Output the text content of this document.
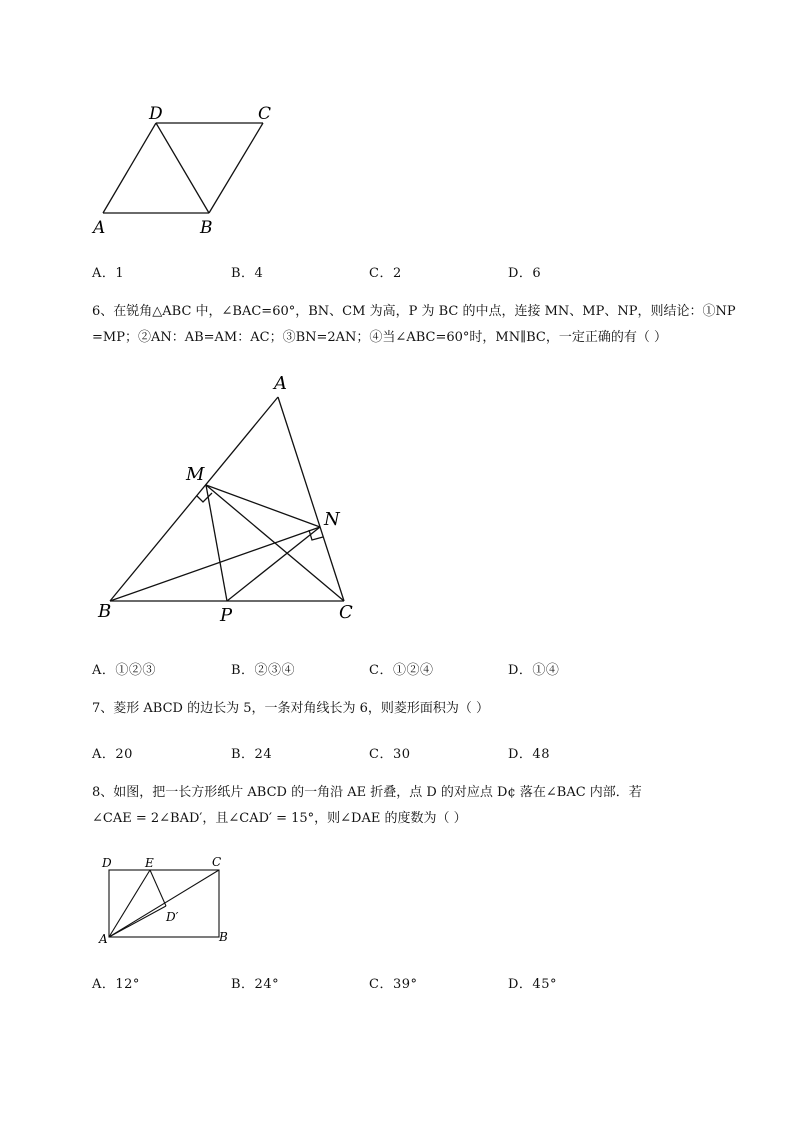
D	C
A	B
A．1	B．4	C．2	D．6
6、在锐角△ABC 中，∠BAC=60°，BN、CM 为高，P 为 BC 的中点，连接 MN、MP、NP，则结论：①NP
=MP；②AN：AB=AM：AC；③BN=2AN；④当∠ABC=60°时，MN∥BC，一定正确的有（ ）
A
M
N
B	P	C
A．①②③	B．②③④	C．①②④	D．①④
7、菱形 ABCD 的边长为 5，一条对角线长为 6，则菱形面积为（ ）
A．20	B．24	C．30	D．48
8、如图，把一长方形纸片 ABCD 的一角沿 AE 折叠，点 D 的对应点 D¢ 落在∠BAC 内部．若
∠CAE = 2∠BAD′，且∠CAD′ = 15°，则∠DAE 的度数为（ ）
D	E	C
D′
A	B
A．12°	B．24°	C．39°	D．45°
